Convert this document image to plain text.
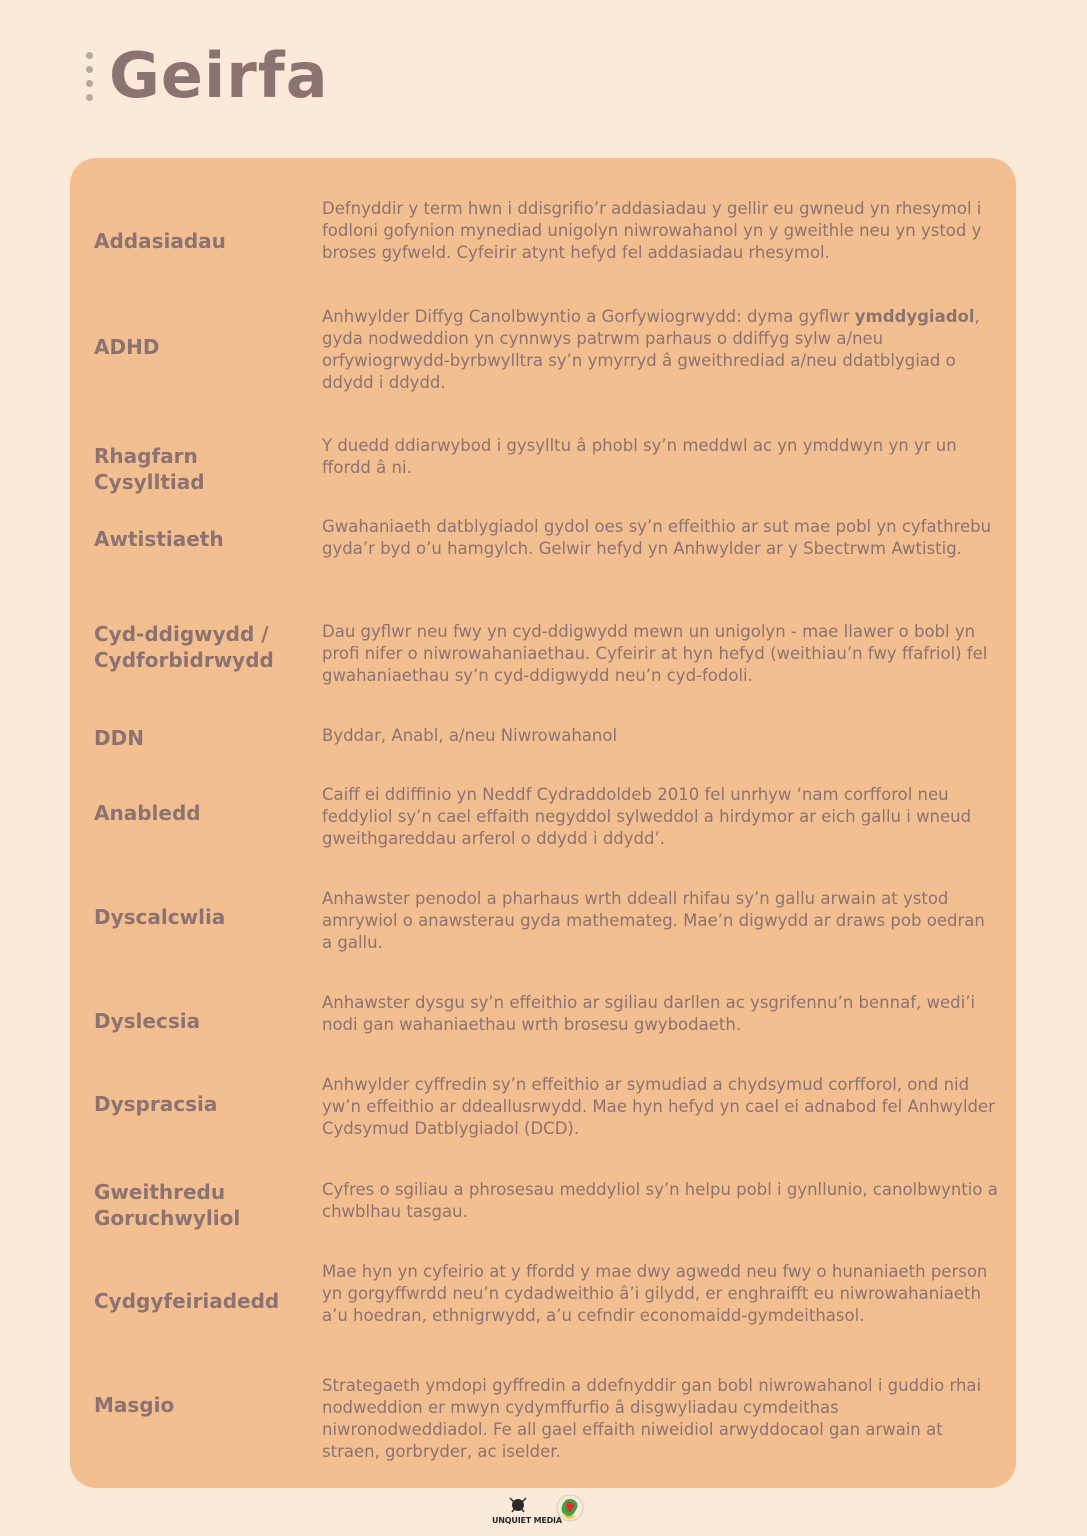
Geirfa
Addasiadau
Defnyddir y term hwn i ddisgrifio’r addasiadau y gellir eu gwneud yn rhesymol i fodloni gofynion mynediad unigolyn niwrowahanol yn y gweithle neu yn ystod y broses gyfweld. Cyfeirir atynt hefyd fel addasiadau rhesymol.
ADHD
Anhwylder Diffyg Canolbwyntio a Gorfywiogrwydd: dyma gyflwr ymddygiadol, gyda nodweddion yn cynnwys patrwm parhaus o ddiffyg sylw a/neu orfywiogrwydd-byrbwylltra sy’n ymyrryd â gweithrediad a/neu ddatblygiad o ddydd i ddydd.
Rhagfarn Cysylltiad
Y duedd ddiarwybod i gysylltu â phobl sy’n meddwl ac yn ymddwyn yn yr un ffordd â ni.
Awtistiaeth
Gwahaniaeth datblygiadol gydol oes sy’n effeithio ar sut mae pobl yn cyfathrebu gyda’r byd o’u hamgylch. Gelwir hefyd yn Anhwylder ar y Sbectrwm Awtistig.
Cyd-ddigwydd / Cydforbidrwydd
Dau gyflwr neu fwy yn cyd-ddigwydd mewn un unigolyn - mae llawer o bobl yn profi nifer o niwrowahaniaethau. Cyfeirir at hyn hefyd (weithiau’n fwy ffafriol) fel gwahaniaethau sy’n cyd-ddigwydd neu’n cyd-fodoli.
DDN	Byddar, Anabl, a/neu Niwrowahanol
Anabledd
Caiff ei ddiffinio yn Neddf Cydraddoldeb 2010 fel unrhyw ‘nam corfforol neu feddyliol sy’n cael effaith negyddol sylweddol a hirdymor ar eich gallu i wneud gweithgareddau arferol o ddydd i ddydd’.
Dyscalcwlia
Anhawster penodol a pharhaus wrth ddeall rhifau sy’n gallu arwain at ystod amrywiol o anawsterau gyda mathemateg. Mae’n digwydd ar draws pob oedran a gallu.
Dyslecsia
Anhawster dysgu sy’n effeithio ar sgiliau darllen ac ysgrifennu’n bennaf, wedi’i nodi gan wahaniaethau wrth brosesu gwybodaeth.
Dyspracsia
Anhwylder cyffredin sy’n effeithio ar symudiad a chydsymud corfforol, ond nid yw’n effeithio ar ddeallusrwydd. Mae hyn hefyd yn cael ei adnabod fel Anhwylder Cydsymud Datblygiadol (DCD).
Gweithredu Goruchwyliol
Cyfres o sgiliau a phrosesau meddyliol sy’n helpu pobl i gynllunio, canolbwyntio a chwblhau tasgau.
Cydgyfeiriadedd
Mae hyn yn cyfeirio at y ffordd y mae dwy agwedd neu fwy o hunaniaeth person yn gorgyffwrdd neu’n cydadweithio â’i gilydd, er enghraifft eu niwrowahaniaeth a’u hoedran, ethnigrwydd, a’u cefndir economaidd-gymdeithasol.
Masgio
Strategaeth ymdopi gyffredin a ddefnyddir gan bobl niwrowahanol i guddio rhai nodweddion er mwyn cydymffurfio â disgwyliadau cymdeithas niwronodweddiadol. Fe all gael effaith niweidiol arwyddocaol gan arwain at straen, gorbryder, ac iselder.
UNQUIET MEDIA
